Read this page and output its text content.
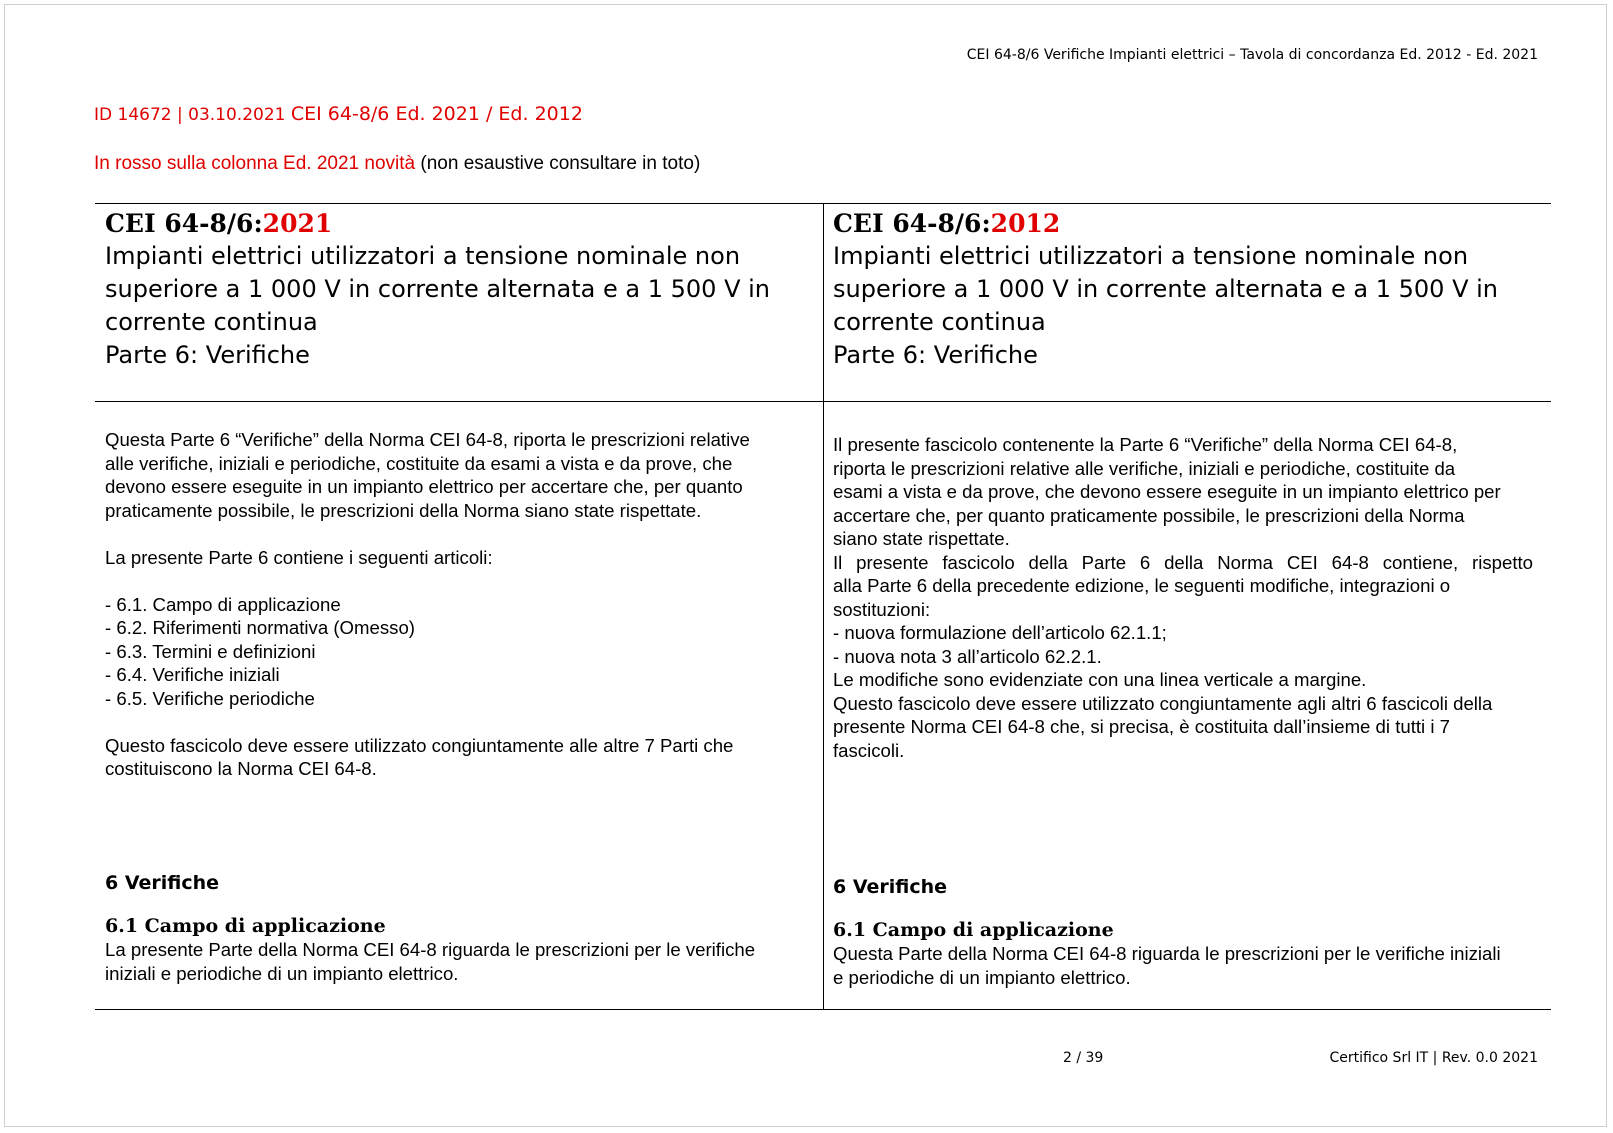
CEI 64-8/6 Verifiche Impianti elettrici – Tavola di concordanza Ed. 2012 - Ed. 2021
ID 14672 | 03.10.2021 CEI 64-8/6 Ed. 2021 / Ed. 2012
In rosso sulla colonna Ed. 2021 novità (non esaustive consultare in toto)
CEI 64-8/6:2021
Impianti elettrici utilizzatori a tensione nominale non
superiore a 1 000 V in corrente alternata e a 1 500 V in
corrente continua
Parte 6: Verifiche
CEI 64-8/6:2012
Impianti elettrici utilizzatori a tensione nominale non
superiore a 1 000 V in corrente alternata e a 1 500 V in
corrente continua
Parte 6: Verifiche

Questa Parte 6 “Verifiche” della Norma CEI 64-8, riporta le prescrizioni relative

alle verifiche, iniziali e periodiche, costituite da esami a vista e da prove, che

devono essere eseguite in un impianto elettrico per accertare che, per quanto

praticamente possibile, le prescrizioni della Norma siano state rispettate.

La presente Parte 6 contiene i seguenti articoli:

- 6.1. Campo di applicazione

- 6.2. Riferimenti normativa (Omesso)

- 6.3. Termini e definizioni

- 6.4. Verifiche iniziali

- 6.5. Verifiche periodiche

Questo fascicolo deve essere utilizzato congiuntamente alle altre 7 Parti che

costituiscono la Norma CEI 64-8.

Il presente fascicolo contenente la Parte 6 “Verifiche” della Norma CEI 64-8,

riporta le prescrizioni relative alle verifiche, iniziali e periodiche, costituite da

esami a vista e da prove, che devono essere eseguite in un impianto elettrico per

accertare che, per quanto praticamente possibile, le prescrizioni della Norma

siano state rispettate.

Il presente fascicolo della Parte 6 della Norma CEI 64-8 contiene, rispetto

alla Parte 6 della precedente edizione, le seguenti modifiche, integrazioni o

sostituzioni:

- nuova formulazione dell’articolo 62.1.1;

- nuova nota 3 all’articolo 62.2.1.

Le modifiche sono evidenziate con una linea verticale a margine.

Questo fascicolo deve essere utilizzato congiuntamente agli altri 6 fascicoli della

presente Norma CEI 64-8 che, si precisa, è costituita dall’insieme di tutti i 7

fascicoli.

6 Verifiche
6.1 Campo di applicazione
La presente Parte della Norma CEI 64-8 riguarda le prescrizioni per le verifiche
iniziali e periodiche di un impianto elettrico.
6 Verifiche
6.1 Campo di applicazione
Questa Parte della Norma CEI 64-8 riguarda le prescrizioni per le verifiche iniziali
e periodiche di un impianto elettrico.
2 / 39	Certifico Srl IT | Rev. 0.0 2021
